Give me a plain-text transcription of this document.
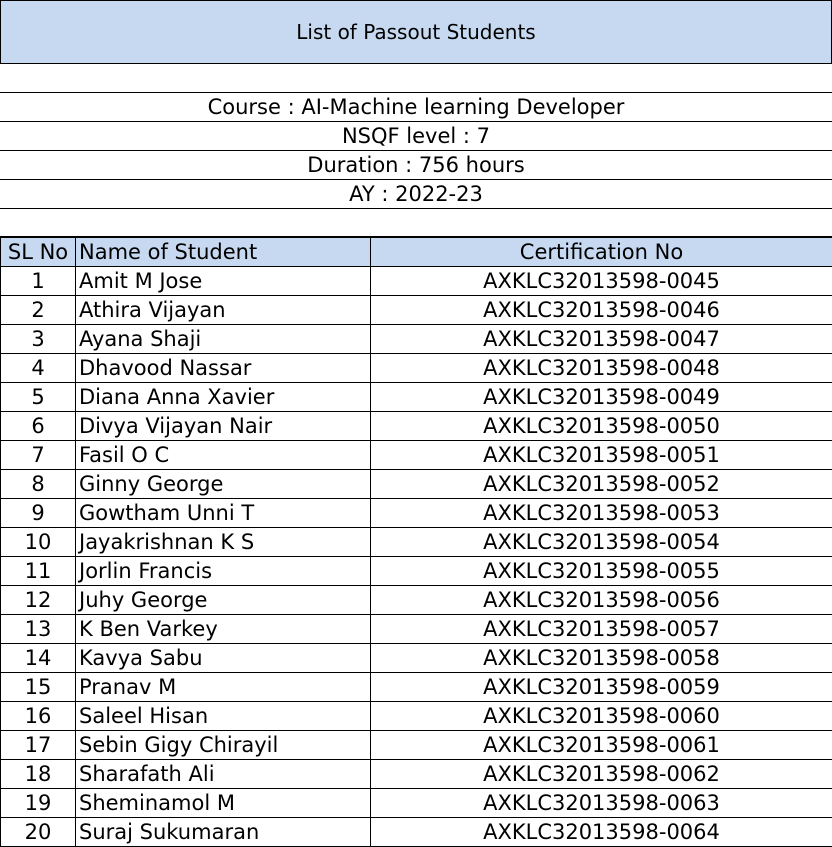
List of Passout Students
Course : AI-Machine learning Developer
NSQF level : 7
Duration : 756 hours
AY : 2022-23
SL No	Name of Student	Certification No
1	Amit M Jose	AXKLC32013598-0045
2	Athira Vijayan	AXKLC32013598-0046
3	Ayana Shaji	AXKLC32013598-0047
4	Dhavood Nassar	AXKLC32013598-0048
5	Diana Anna Xavier	AXKLC32013598-0049
6	Divya Vijayan Nair	AXKLC32013598-0050
7	Fasil O C	AXKLC32013598-0051
8	Ginny George	AXKLC32013598-0052
9	Gowtham Unni T	AXKLC32013598-0053
10	Jayakrishnan K S	AXKLC32013598-0054
11	Jorlin Francis	AXKLC32013598-0055
12	Juhy George	AXKLC32013598-0056
13	K Ben Varkey	AXKLC32013598-0057
14	Kavya Sabu	AXKLC32013598-0058
15	Pranav M	AXKLC32013598-0059
16	Saleel Hisan	AXKLC32013598-0060
17	Sebin Gigy Chirayil	AXKLC32013598-0061
18	Sharafath Ali	AXKLC32013598-0062
19	Sheminamol M	AXKLC32013598-0063
20	Suraj Sukumaran	AXKLC32013598-0064
